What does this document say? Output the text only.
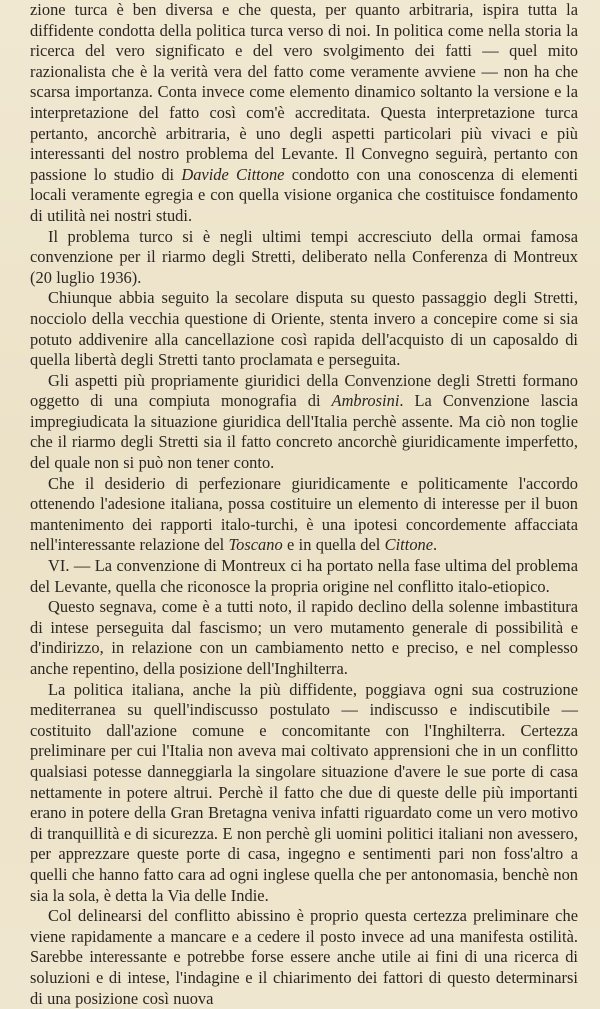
zione turca è ben diversa e che questa, per quanto arbitraria, ispira tutta la diffidente condotta della politica turca verso di noi. In politica come nella storia la ricerca del vero significato e del vero svolgimento dei fatti — quel mito razionalista che è la verità vera del fatto come veramente avviene — non ha che scarsa importanza. Conta invece come elemento dinamico soltanto la versione e la interpretazione del fatto così com'è accreditata. Questa interpretazione turca pertanto, ancorchè arbitraria, è uno degli aspetti particolari più vivaci e più interessanti del nostro problema del Levante. Il Convegno seguirà, pertanto con passione lo studio di Davide Cittone condotto con una conoscenza di elementi locali veramente egregia e con quella visione organica che costituisce fondamento di utilità nei nostri studi.

Il problema turco si è negli ultimi tempi accresciuto della ormai famosa convenzione per il riarmo degli Stretti, deliberato nella Conferenza di Montreux (20 luglio 1936).

Chiunque abbia seguito la secolare disputa su questo passaggio degli Stretti, nocciolo della vecchia questione di Oriente, stenta invero a concepire come si sia potuto addivenire alla cancellazione così rapida dell'acquisto di un caposaldo di quella libertà degli Stretti tanto proclamata e perseguita.

Gli aspetti più propriamente giuridici della Convenzione degli Stretti formano oggetto di una compiuta monografia di Ambrosini. La Convenzione lascia impregiudicata la situazione giuridica dell'Italia perchè assente. Ma ciò non toglie che il riarmo degli Stretti sia il fatto concreto ancorchè giuridicamente imperfetto, del quale non si può non tener conto.

Che il desiderio di perfezionare giuridicamente e politicamente l'accordo ottenendo l'adesione italiana, possa costituire un elemento di interesse per il buon mantenimento dei rapporti italo-turchi, è una ipotesi concordemente affacciata nell'interessante relazione del Toscano e in quella del Cittone.

VI. — La convenzione di Montreux ci ha portato nella fase ultima del problema del Levante, quella che riconosce la propria origine nel conflitto italo-etiopico.

Questo segnava, come è a tutti noto, il rapido declino della solenne imbastitura di intese perseguita dal fascismo; un vero mutamento generale di possibilità e d'indirizzo, in relazione con un cambiamento netto e preciso, e nel complesso anche repentino, della posizione dell'Inghilterra.

La politica italiana, anche la più diffidente, poggiava ogni sua costruzione mediterranea su quell'indiscusso postulato — indiscusso e indiscutibile — costituito dall'azione comune e concomitante con l'Inghilterra. Certezza preliminare per cui l'Italia non aveva mai coltivato apprensioni che in un conflitto qualsiasi potesse danneggiarla la singolare situazione d'avere le sue porte di casa nettamente in potere altrui. Perchè il fatto che due di queste delle più importanti erano in potere della Gran Bretagna veniva infatti riguardato come un vero motivo di tranquillità e di sicurezza. E non perchè gli uomini politici italiani non avessero, per apprezzare queste porte di casa, ingegno e sentimenti pari non foss'altro a quelli che hanno fatto cara ad ogni inglese quella che per antonomasia, benchè non sia la sola, è detta la Via delle Indie.

Col delinearsi del conflitto abissino è proprio questa certezza preliminare che viene rapidamente a mancare e a cedere il posto invece ad una manifesta ostilità. Sarebbe interessante e potrebbe forse essere anche utile ai fini di una ricerca di soluzioni e di intese, l'indagine e il chiarimento dei fattori di questo determinarsi di una posizione così nuova
